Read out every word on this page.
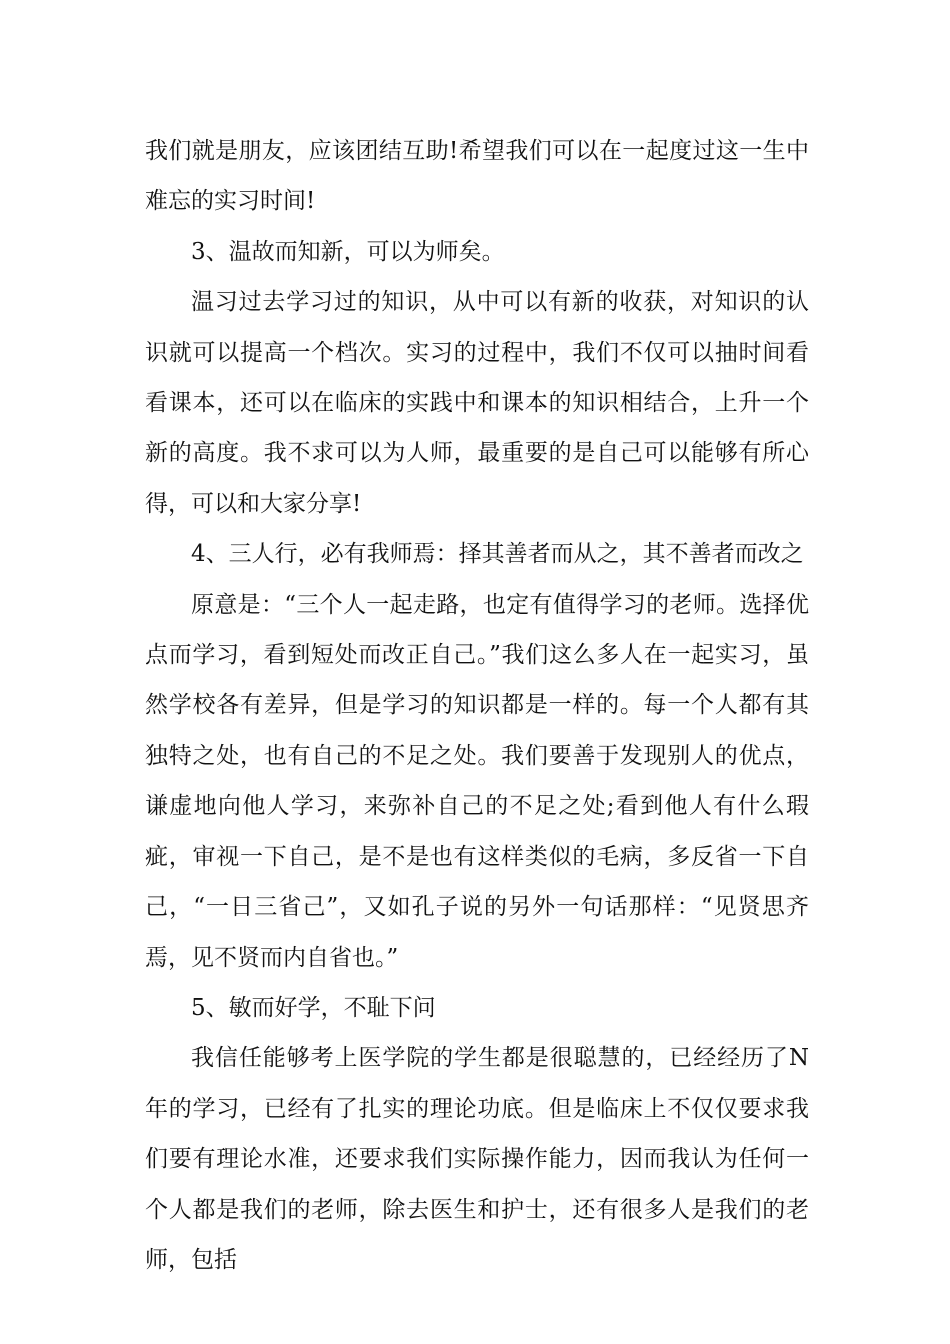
我们就是朋友，应该团结互助!希望我们可以在一起度过这一生中难忘的实习时间!

3、温故而知新，可以为师矣。

温习过去学习过的知识，从中可以有新的收获，对知识的认识就可以提高一个档次。实习的过程中，我们不仅可以抽时间看看课本，还可以在临床的实践中和课本的知识相结合，上升一个新的高度。我不求可以为人师，最重要的是自己可以能够有所心得，可以和大家分享!

4、三人行，必有我师焉：择其善者而从之，其不善者而改之

原意是：“三个人一起走路，也定有值得学习的老师。选择优点而学习，看到短处而改正自己。”我们这么多人在一起实习，虽然学校各有差异，但是学习的知识都是一样的。每一个人都有其独特之处，也有自己的不足之处。我们要善于发现别人的优点，谦虚地向他人学习，来弥补自己的不足之处;看到他人有什么瑕疵，审视一下自己，是不是也有这样类似的毛病，多反省一下自己，“一日三省己”，又如孔子说的另外一句话那样：“见贤思齐焉，见不贤而内自省也。”

5、敏而好学，不耻下问

我信任能够考上医学院的学生都是很聪慧的，已经经历了N年的学习，已经有了扎实的理论功底。但是临床上不仅仅要求我们要有理论水准，还要求我们实际操作能力，因而我认为任何一个人都是我们的老师，除去医生和护士，还有很多人是我们的老师，包括
